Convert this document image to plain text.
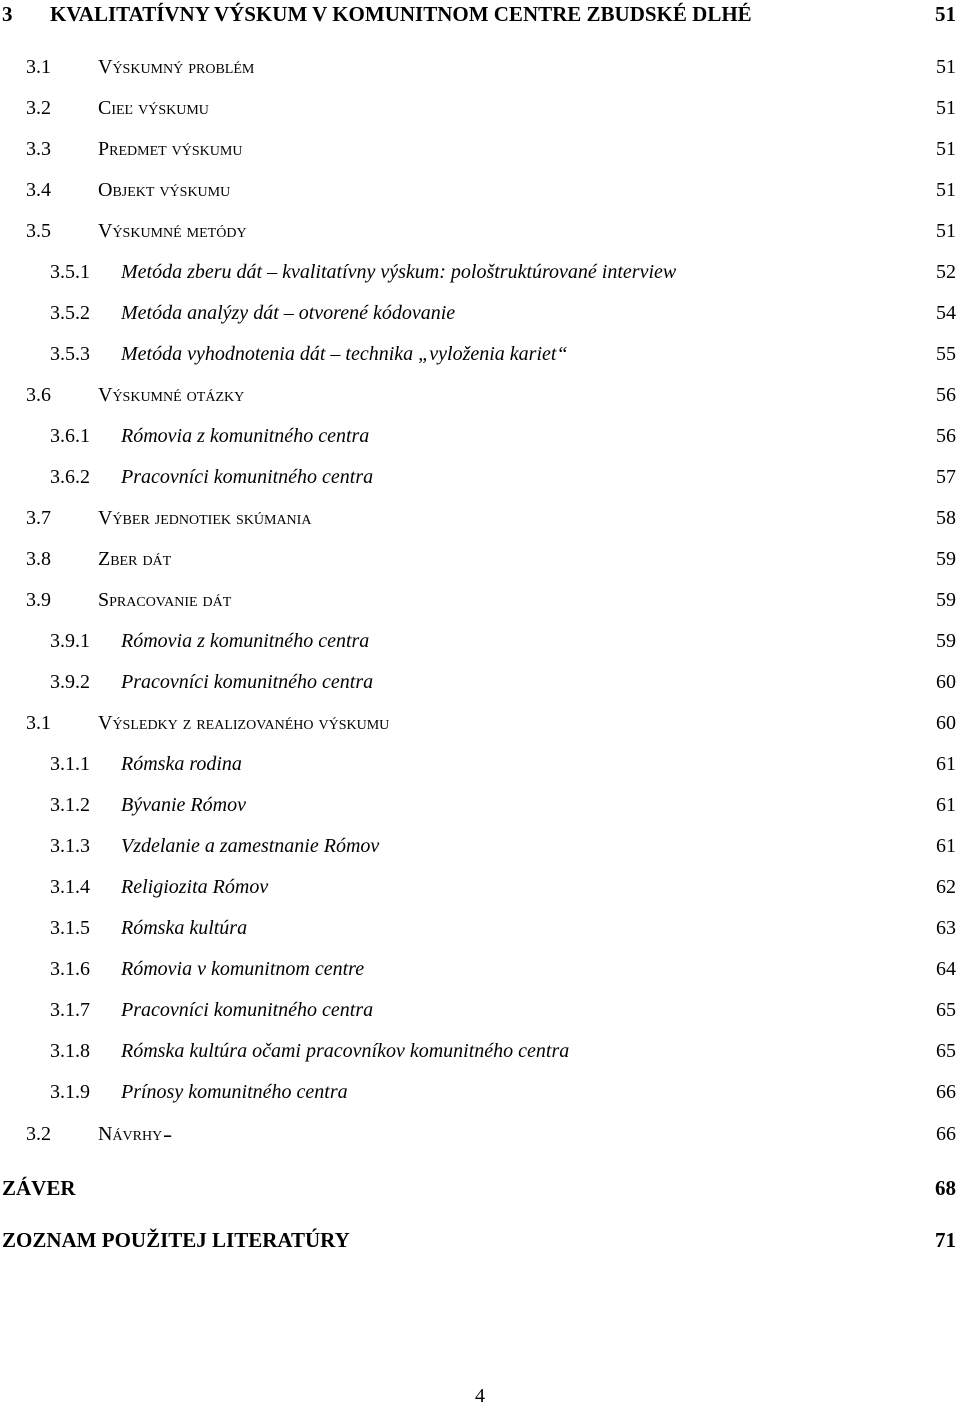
3 KVALITATÍVNY VÝSKUM V KOMUNITNOM CENTRE ZBUDSKÉ DLHÉ . . .	51
3.1 Výskumný problém . . .	51
3.2 Cieľ výskumu . . .	51
3.3 Predmet výskumu . . .	51
3.4 Objekt výskumu . . .	51
3.5 Výskumné metódy . . .	51
3.5.1 Metóda zberu dát – kvalitatívny výskum: pološtruktúrované interview . . .	52
3.5.2 Metóda analýzy dát – otvorené kódovanie . . .	54
3.5.3 Metóda vyhodnotenia dát – technika „vyloženia kariet“ . . .	55
3.6 Výskumné otázky . . .	56
3.6.1 Rómovia z komunitného centra . . .	56
3.6.2 Pracovníci komunitného centra . . .	57
3.7 Výber jednotiek skúmania . . .	58
3.8 Zber dát . . .	59
3.9 Spracovanie dát . . .	59
3.9.1 Rómovia z komunitného centra . . .	59
3.9.2 Pracovníci komunitného centra . . .	60
3.1 Výsledky z realizovaného výskumu . . .	60
3.1.1 Rómska rodina . . .	61
3.1.2 Bývanie Rómov . . .	61
3.1.3 Vzdelanie a zamestnanie Rómov . . .	61
3.1.4 Religiozita Rómov . . .	62
3.1.5 Rómska kultúra . . .	63
3.1.6 Rómovia v komunitnom centre . . .	64
3.1.7 Pracovníci komunitného centra . . .	65
3.1.8 Rómska kultúra očami pracovníkov komunitného centra . . .	65
3.1.9 Prínosy komunitného centra . . .	66
3.2 Návrhy . . .	66
ZÁVER . . .	68
ZOZNAM POUŽITEJ LITERATÚRY . . .	71
4
